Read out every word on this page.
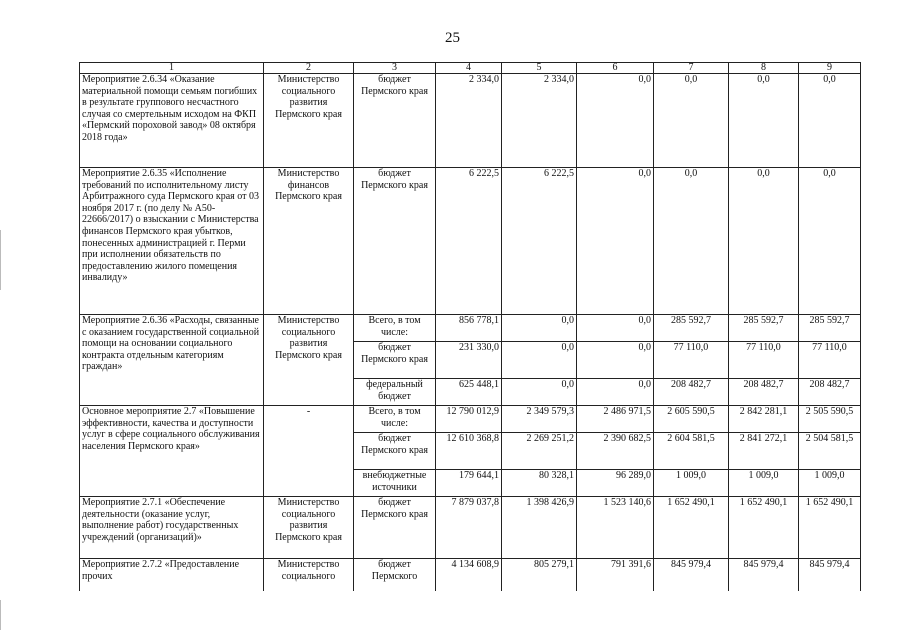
25
1	2	3	4	5	6	7	8	9
Мероприятие 2.6.34 «Оказание материальной помощи семьям погибших в результате группового несчастного случая со смертельным исходом на ФКП «Пермский пороховой завод» 08 октября 2018 года»	Министерство социального развития Пермского края	бюджет Пермского края	2 334,0	2 334,0	0,0	0,0	0,0	0,0
Мероприятие 2.6.35 «Исполнение требований по исполнительному листу Арбитражного суда Пермского края от 03 ноября 2017 г. (по делу № А50-22666/2017) о взыскании с Министерства финансов Пермского края убытков, понесенных администрацией г. Перми при исполнении обязательств по предоставлению жилого помещения инвалиду»	Министерство финансов Пермского края	бюджет Пермского края	6 222,5	6 222,5	0,0	0,0	0,0	0,0
Мероприятие 2.6.36 «Расходы, связанные с оказанием государственной социальной помощи на основании социального контракта отдельным категориям граждан»	Министерство социального развития Пермского края	Всего, в том числе:	856 778,1	0,0	0,0	285 592,7	285 592,7	285 592,7
		бюджет Пермского края	231 330,0	0,0	0,0	77 110,0	77 110,0	77 110,0
		федеральный бюджет	625 448,1	0,0	0,0	208 482,7	208 482,7	208 482,7
Основное мероприятие 2.7 «Повышение эффективности, качества и доступности услуг в сфере социального обслуживания населения Пермского края»	-	Всего, в том числе:	12 790 012,9	2 349 579,3	2 486 971,5	2 605 590,5	2 842 281,1	2 505 590,5
		бюджет Пермского края	12 610 368,8	2 269 251,2	2 390 682,5	2 604 581,5	2 841 272,1	2 504 581,5
		внебюджетные источники	179 644,1	80 328,1	96 289,0	1 009,0	1 009,0	1 009,0
Мероприятие 2.7.1 «Обеспечение деятельности (оказание услуг, выполнение работ) государственных учреждений (организаций)»	Министерство социального развития Пермского края	бюджет Пермского края	7 879 037,8	1 398 426,9	1 523 140,6	1 652 490,1	1 652 490,1	1 652 490,1
Мероприятие 2.7.2 «Предоставление прочих	Министерство социального	бюджет Пермского	4 134 608,9	805 279,1	791 391,6	845 979,4	845 979,4	845 979,4
